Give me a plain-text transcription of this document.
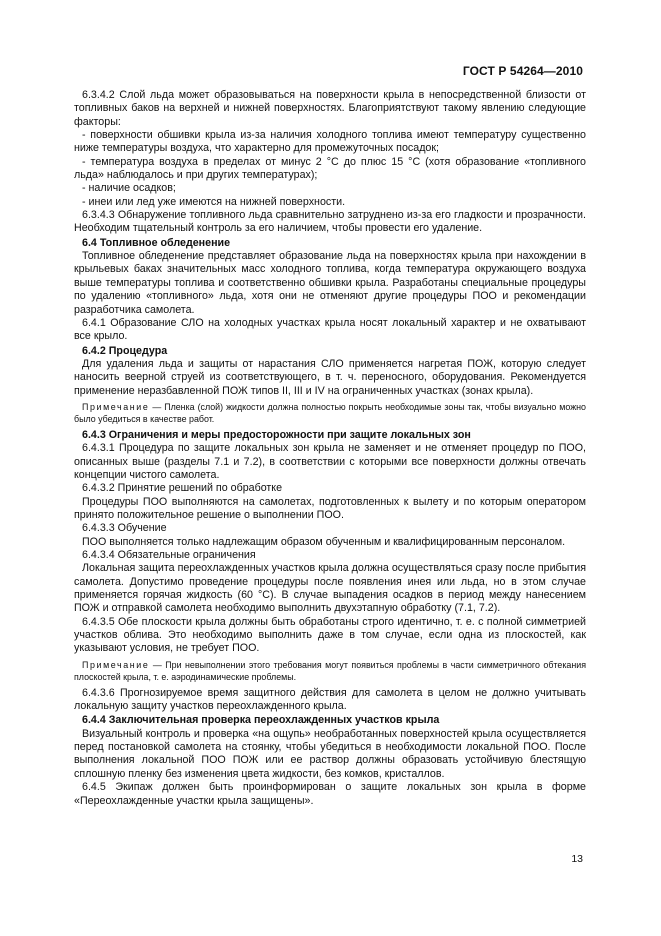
ГОСТ Р 54264—2010

6.3.4.2 Слой льда может образовываться на поверхности крыла в непосредственной близости от топливных баков на верхней и нижней поверхностях. Благоприятствуют такому явлению следующие факторы:

- поверхности обшивки крыла из-за наличия холодного топлива имеют температуру существенно ниже температуры воздуха, что характерно для промежуточных посадок;

- температура воздуха в пределах от минус 2 °С до плюс 15 °С (хотя образование «топливного льда» наблюдалось и при других температурах);

- наличие осадков;

- инеи или лед уже имеются на нижней поверхности.

6.3.4.3 Обнаружение топливного льда сравнительно затруднено из-за его гладкости и прозрачности. Необходим тщательный контроль за его наличием, чтобы провести его удаление.

6.4 Топливное обледенение

Топливное обледенение представляет образование льда на поверхностях крыла при нахождении в крыльевых баках значительных масс холодного топлива, когда температура окружающего воздуха выше температуры топлива и соответственно обшивки крыла. Разработаны специальные процедуры по удалению «топливного» льда, хотя они не отменяют другие процедуры ПОО и рекомендации разработчика самолета.

6.4.1 Образование СЛО на холодных участках крыла носят локальный характер и не охватывают все крыло.

6.4.2 Процедура

Для удаления льда и защиты от нарастания СЛО применяется нагретая ПОЖ, которую следует наносить веерной струей из соответствующего, в т. ч. переносного, оборудования. Рекомендуется применение неразбавленной ПОЖ типов II, III и IV на ограниченных участках (зонах крыла).

Примечание — Пленка (слой) жидкости должна полностью покрыть необходимые зоны так, чтобы визуально можно было убедиться в качестве работ.

6.4.3 Ограничения и меры предосторожности при защите локальных зон

6.4.3.1 Процедура по защите локальных зон крыла не заменяет и не отменяет процедур по ПОО, описанных выше (разделы 7.1 и 7.2), в соответствии с которыми все поверхности должны отвечать концепции чистого самолета.

6.4.3.2 Принятие решений по обработке

Процедуры ПОО выполняются на самолетах, подготовленных к вылету и по которым оператором принято положительное решение о выполнении ПОО.

6.4.3.3 Обучение

ПОО выполняется только надлежащим образом обученным и квалифицированным персоналом.

6.4.3.4 Обязательные ограничения

Локальная защита переохлажденных участков крыла должна осуществляться сразу после прибытия самолета. Допустимо проведение процедуры после появления инея или льда, но в этом случае применяется горячая жидкость (60 °С). В случае выпадения осадков в период между нанесением ПОЖ и отправкой самолета необходимо выполнить двухэтапную обработку (7.1, 7.2).

6.4.3.5 Обе плоскости крыла должны быть обработаны строго идентично, т. е. с полной симметрией участков облива. Это необходимо выполнить даже в том случае, если одна из плоскостей, как указывают условия, не требует ПОО.

Примечание — При невыполнении этого требования могут появиться проблемы в части симметричного обтекания плоскостей крыла, т. е. аэродинамические проблемы.

6.4.3.6 Прогнозируемое время защитного действия для самолета в целом не должно учитывать локальную защиту участков переохлажденного крыла.

6.4.4 Заключительная проверка переохлажденных участков крыла

Визуальный контроль и проверка «на ощупь» необработанных поверхностей крыла осуществляется перед постановкой самолета на стоянку, чтобы убедиться в необходимости локальной ПОО. После выполнения локальной ПОО ПОЖ или ее раствор должны образовать устойчивую блестящую сплошную пленку без изменения цвета жидкости, без комков, кристаллов.

6.4.5 Экипаж должен быть проинформирован о защите локальных зон крыла в форме «Переохлажденные участки крыла защищены».

13
